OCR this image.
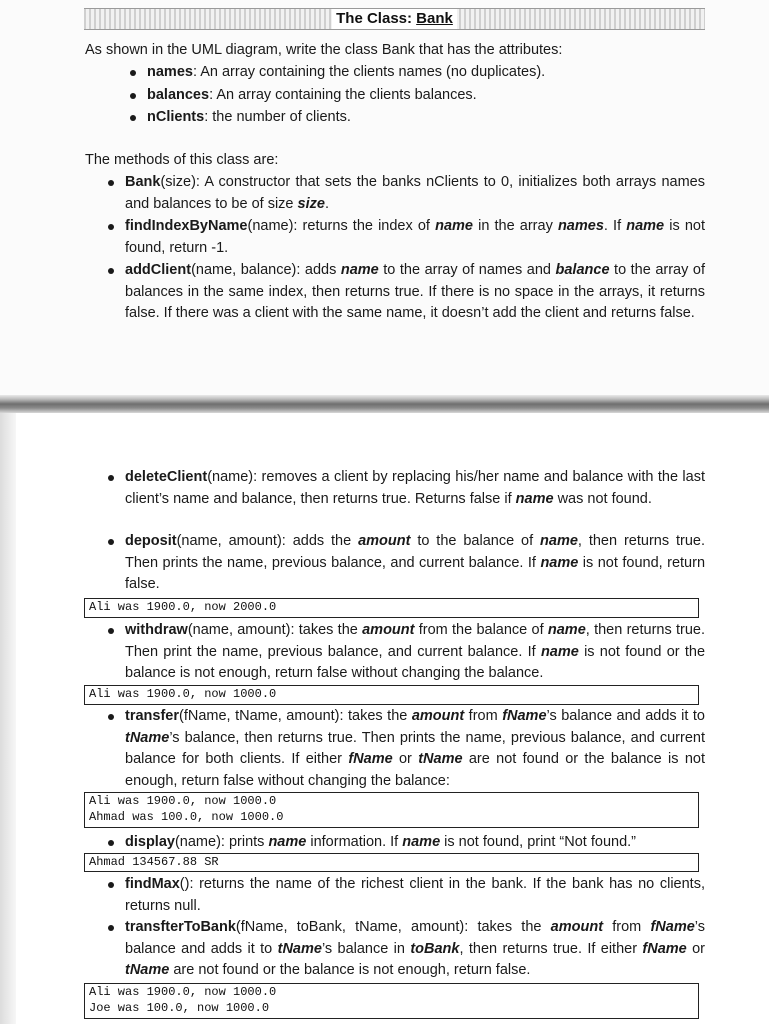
The Class: Bank

As shown in the UML diagram, write the class Bank that has the attributes:

names: An array containing the clients names (no duplicates).

balances: An array containing the clients balances.

nClients: the number of clients.

The methods of this class are:

Bank(size): A constructor that sets the banks nClients to 0, initializes both arrays names and balances to be of size size.

findIndexByName(name): returns the index of name in the array names. If name is not found, return -1.

addClient(name, balance): adds name to the array of names and balance to the array of balances in the same index, then returns true. If there is no space in the arrays, it returns false. If there was a client with the same name, it doesn’t add the client and returns false.

deleteClient(name): removes a client by replacing his/her name and balance with the last client’s name and balance, then returns true. Returns false if name was not found.

deposit(name, amount): adds the amount to the balance of name, then returns true. Then prints the name, previous balance, and current balance. If name is not found, return false.

Ali was 1900.0, now 2000.0

withdraw(name, amount): takes the amount from the balance of name, then returns true. Then print the name, previous balance, and current balance. If name is not found or the balance is not enough, return false without changing the balance.

Ali was 1900.0, now 1000.0

transfer(fName, tName, amount): takes the amount from fName’s balance and adds it to tName’s balance, then returns true. Then prints the name, previous balance, and current balance for both clients. If either fName or tName are not found or the balance is not enough, return false without changing the balance:

Ali was 1900.0, now 1000.0
Ahmad was 100.0, now 1000.0

display(name): prints name information. If name is not found, print “Not found.”

Ahmad 134567.88 SR

findMax(): returns the name of the richest client in the bank. If the bank has no clients, returns null.

transfterToBank(fName, toBank, tName, amount): takes the amount from fName’s balance and adds it to tName’s balance in toBank, then returns true. If either fName or tName are not found or the balance is not enough, return false.

Ali was 1900.0, now 1000.0
Joe was 100.0, now 1000.0
